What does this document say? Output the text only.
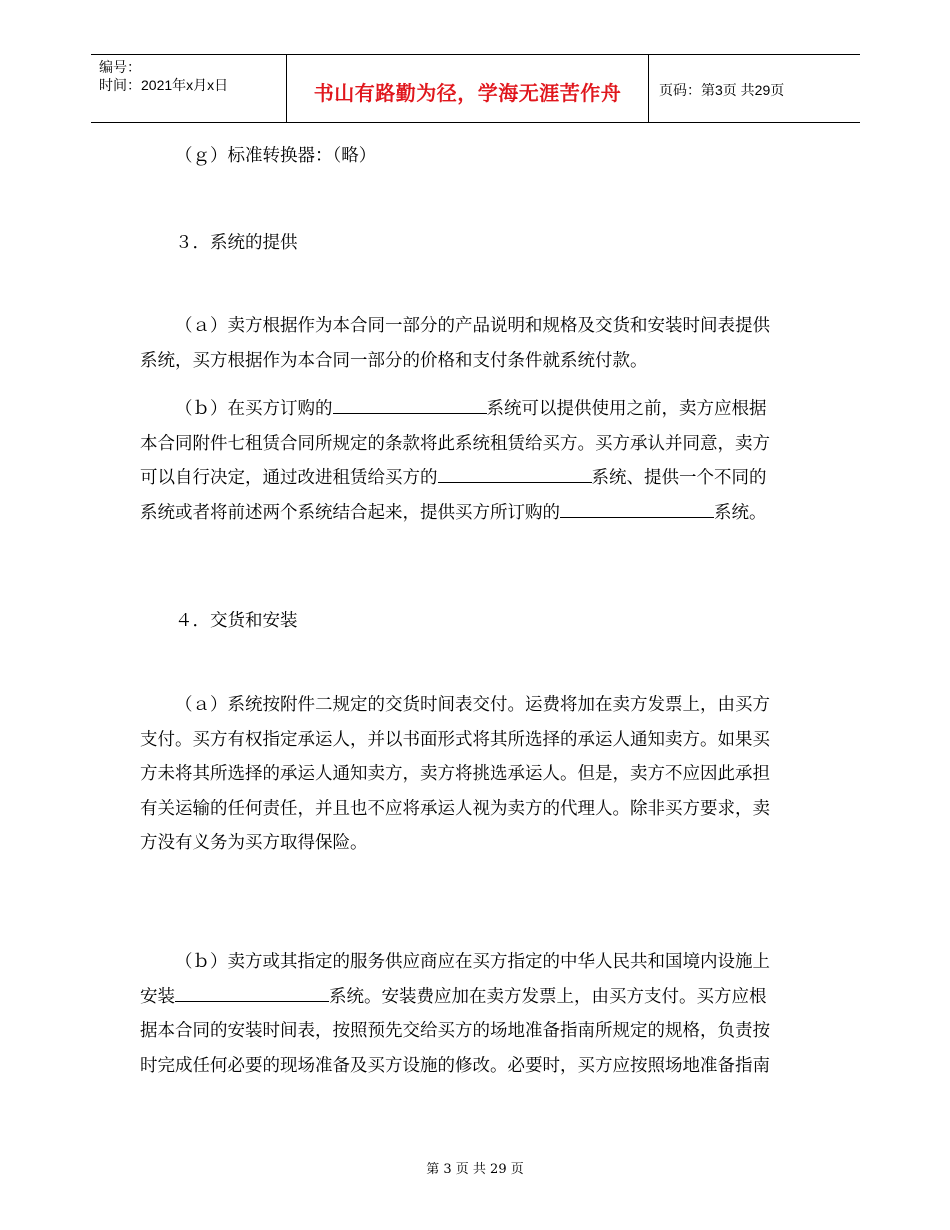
编号：
时间：2021年x月x日	书山有路勤为径，学海无涯苦作舟	页码：第3页 共29页
（ｇ）标准转换器：（略）
３．系统的提供
（ａ）卖方根据作为本合同一部分的产品说明和规格及交货和安装时间表提供
系统，买方根据作为本合同一部分的价格和支付条件就系统付款。
（ｂ）在买方订购的	系统可以提供使用之前，卖方应根据
本合同附件七租赁合同所规定的条款将此系统租赁给买方。买方承认并同意，卖方
可以自行决定，通过改进租赁给买方的	系统、提供一个不同的
系统或者将前述两个系统结合起来，提供买方所订购的	系统。
４．交货和安装
（ａ）系统按附件二规定的交货时间表交付。运费将加在卖方发票上，由买方
支付。买方有权指定承运人，并以书面形式将其所选择的承运人通知卖方。如果买
方未将其所选择的承运人通知卖方，卖方将挑选承运人。但是，卖方不应因此承担
有关运输的任何责任，并且也不应将承运人视为卖方的代理人。除非买方要求，卖
方没有义务为买方取得保险。
（ｂ）卖方或其指定的服务供应商应在买方指定的中华人民共和国境内设施上
安装	系统。安装费应加在卖方发票上，由买方支付。买方应根
据本合同的安装时间表，按照预先交给买方的场地准备指南所规定的规格，负责按
时完成任何必要的现场准备及买方设施的修改。必要时，买方应按照场地准备指南
第 3 页 共 29 页
